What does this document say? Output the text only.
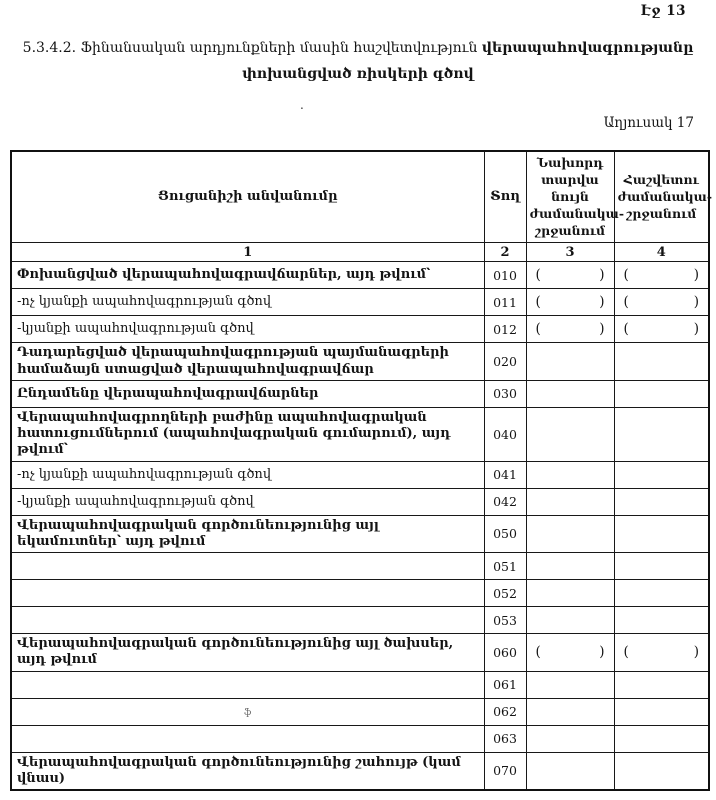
Էջ 13
5.3.4.2. Ֆինանսական արդյունքների մասին հաշվետվություն վերապահովագրությանը փոխանցված ռիսկերի գծով
.
Աղյուսակ 17
Ցուցանիշի անվանումը	Տող	Նախորդ տարվա նույն ժամանակա-շրջանում	Հաշվետու ժամանակա-շրջանում
1	2	3	4
Փոխանցված վերապահովագրավճարներ, այդ թվում՝	010	( )	( )

-ոչ կյանքի ապահովագրության գծով	011	( )	( )

-կյանքի ապահովագրության գծով	012	( )	( )

Դադարեցված վերապահովագրության պայմանագրերի համաձայն ստացված վերապահովագրավճար	020		
Ընդամենը վերապահովագրավճարներ	030		
Վերապահովագրողների բաժինը ապահովագրական հատուցումներում (ապահովագրական գումարում), այդ թվում՝	040		
-ոչ կյանքի ապահովագրության գծով	041		
-կյանքի ապահովագրության գծով	042		
Վերապահովագրական գործունեությունից այլ եկամուտներ՝ այդ թվում	050		
	051		
	052		
	053		
Վերապահովագրական գործունեությունից այլ ծախսեր, այդ թվում	060	( )	( )

	061		
ֆ	062		
	063		
Վերապահովագրական գործունեությունից շահույթ (կամ վնաս)	070		
